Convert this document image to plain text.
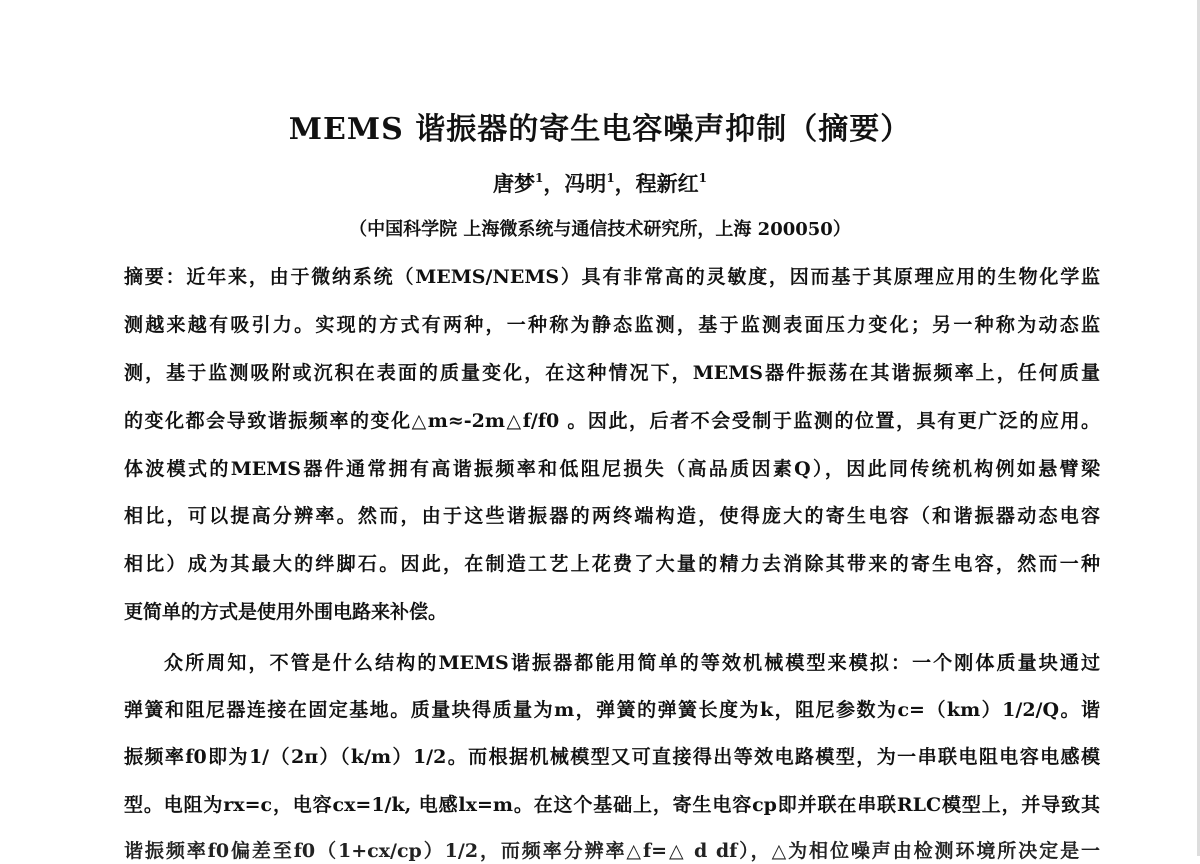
MEMS 谐振器的寄生电容噪声抑制（摘要）
唐梦$^1$，冯明$^1$，程新红$^1$
（中国科学院 上海微系统与通信技术研究所，上海 200050）
摘要：近年来，由于微纳系统（MEMS/NEMS）具有非常高的灵敏度，因而基于其原理应用的生物化学监
测越来越有吸引力。实现的方式有两种，一种称为静态监测，基于监测表面压力变化；另一种称为动态监
测，基于监测吸附或沉积在表面的质量变化，在这种情况下，MEMS器件振荡在其谐振频率上，任何质量
的变化都会导致谐振频率的变化△m≈-2m△f/f0 。因此，后者不会受制于监测的位置，具有更广泛的应用。
体波模式的MEMS器件通常拥有高谐振频率和低阻尼损失（高品质因素Q），因此同传统机构例如悬臂梁
相比，可以提高分辨率。然而，由于这些谐振器的两终端构造，使得庞大的寄生电容（和谐振器动态电容
相比）成为其最大的绊脚石。因此，在制造工艺上花费了大量的精力去消除其带来的寄生电容，然而一种
更简单的方式是使用外围电路来补偿。
众所周知，不管是什么结构的MEMS谐振器都能用简单的等效机械模型来模拟：一个刚体质量块通过
弹簧和阻尼器连接在固定基地。质量块得质量为m，弹簧的弹簧长度为k，阻尼参数为c=（km）1/2/Q。谐
振频率f0即为1/（2π）（k/m）1/2。而根据机械模型又可直接得出等效电路模型，为一串联电阻电容电感模
型。电阻为rx=c，电容cx=1/k, 电感lx=m。在这个基础上，寄生电容cp即并联在串联RLC模型上，并导致其
谐振频率f0偏差至f0（1+cx/cp）1/2，而频率分辨率△f=△ d df），△为相位噪声由检测环境所决定是一
